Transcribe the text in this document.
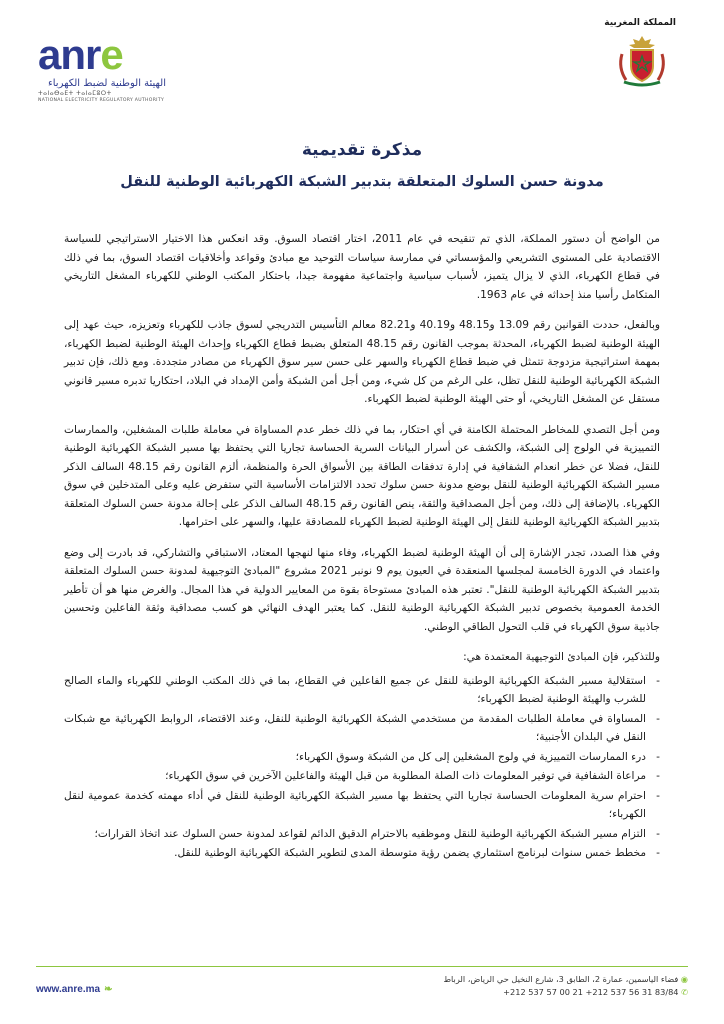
anre
الهيئة الوطنية لضبط الكهرباء
ⵜⴰⵏⴰⴱⴰⴹⵜ ⵜⴰⵏⴰⵎⵓⵔⵜ
NATIONAL ELECTRICITY REGULATORY AUTHORITY
المملكة المغربية
مذكرة تقديمية
مدونة حسن السلوك المتعلقة بتدبير الشبكة الكهربائية الوطنية للنقل

من الواضح أن دستور المملكة، الذي تم تنقيحه في عام 2011، اختار اقتصاد السوق. وقد انعكس هذا الاختيار الاستراتيجي للسياسة الاقتصادية على المستوى التشريعي والمؤسساتي في ممارسة سياسات التوحيد مع مبادئ وقواعد وأخلاقيات اقتصاد السوق، بما في ذلك في قطاع الكهرباء، الذي لا يزال يتميز، لأسباب سياسية واجتماعية مفهومة جيدا، باحتكار المكتب الوطني للكهرباء المشغل التاريخي المتكامل رأسيا منذ إحداثه في عام 1963.

وبالفعل، حددت القوانين رقم 13.09 و48.15 و40.19 و82.21 معالم التأسيس التدريجي لسوق جاذب للكهرباء وتعزيزه، حيث عهد إلى الهيئة الوطنية لضبط الكهرباء، المحدثة بموجب القانون رقم 48.15 المتعلق بضبط قطاع الكهرباء وإحداث الهيئة الوطنية لضبط الكهرباء، بمهمة استراتيجية مزدوجة تتمثل في ضبط قطاع الكهرباء والسهر على حسن سير سوق الكهرباء من مصادر متجددة. ومع ذلك، فإن تدبير الشبكة الكهربائية الوطنية للنقل تظل، على الرغم من كل شيء، ومن أجل أمن الشبكة وأمن الإمداد في البلاد، احتكاريا تدبره مسير قانوني مستقل عن المشغل التاريخي، أو حتى الهيئة الوطنية لضبط الكهرباء.

ومن أجل التصدي للمخاطر المحتملة الكامنة في أي احتكار، بما في ذلك خطر عدم المساواة في معاملة طلبات المشغلين، والممارسات التمييزية في الولوج إلى الشبكة، والكشف عن أسرار البيانات السرية الحساسة تجاريا التي يحتفظ بها مسير الشبكة الكهربائية الوطنية للنقل، فضلا عن خطر انعدام الشفافية في إدارة تدفقات الطاقة بين الأسواق الحرة والمنظمة، ألزم القانون رقم 48.15 السالف الذكر مسير الشبكة الكهربائية الوطنية للنقل بوضع مدونة حسن سلوك تحدد الالتزامات الأساسية التي ستفرض عليه وعلى المتدخلين في سوق الكهرباء. بالإضافة إلى ذلك، ومن أجل المصداقية والثقة، ينص القانون رقم 48.15 السالف الذكر على إحالة مدونة حسن السلوك المتعلقة بتدبير الشبكة الكهربائية الوطنية للنقل إلى الهيئة الوطنية لضبط الكهرباء للمصادقة عليها، والسهر على احترامها.

وفي هذا الصدد، تجدر الإشارة إلى أن الهيئة الوطنية لضبط الكهرباء، وفاء منها لنهجها المعتاد، الاستباقي والتشاركي، قد بادرت إلى وضع واعتماد في الدورة الخامسة لمجلسها المنعقدة في العيون يوم 9 نونبر 2021 مشروع "المبادئ التوجيهية لمدونة حسن السلوك المتعلقة بتدبير الشبكة الكهربائية الوطنية للنقل". تعتبر هذه المبادئ مستوحاة بقوة من المعايير الدولية في هذا المجال. والغرض منها هو أن تأطير الخدمة العمومية بخصوص تدبير الشبكة الكهربائية الوطنية للنقل. كما يعتبر الهدف النهائي هو كسب مصداقية وثقة الفاعلين وتحسين جاذبية سوق الكهرباء في قلب التحول الطاقي الوطني.

وللتذكير، فإن المبادئ التوجيهية المعتمدة هي:

-
استقلالية مسير الشبكة الكهربائية الوطنية للنقل عن جميع الفاعلين في القطاع، بما في ذلك المكتب الوطني للكهرباء والماء الصالح للشرب والهيئة الوطنية لضبط الكهرباء؛
-
المساواة في معاملة الطلبات المقدمة من مستخدمي الشبكة الكهربائية الوطنية للنقل، وعند الاقتضاء، الروابط الكهربائية مع شبكات النقل في البلدان الأجنبية؛
-
درء الممارسات التمييزية في ولوج المشغلين إلى كل من الشبكة وسوق الكهرباء؛
-
مراعاة الشفافية في توفير المعلومات ذات الصلة المطلوبة من قبل الهيئة والفاعلين الآخرين في سوق الكهرباء؛
-
احترام سرية المعلومات الحساسة تجاريا التي يحتفظ بها مسير الشبكة الكهربائية الوطنية للنقل في أداء مهمته كخدمة عمومية لنقل الكهرباء؛
-
التزام مسير الشبكة الكهربائية الوطنية للنقل وموظفيه بالاحترام الدقيق الدائم لقواعد لمدونة حسن السلوك عند اتخاذ القرارات؛
-
مخطط خمس سنوات لبرنامج استثماري يضمن رؤية متوسطة المدى لتطوير الشبكة الكهربائية الوطنية للنقل.
www.anre.ma ❧
◉ فضاء الياسمين، عمارة 2، الطابق 3، شارع النخيل حي الرياض، الرباط
✆ +212 537 57 00 21 +212 537 56 31 83/84
